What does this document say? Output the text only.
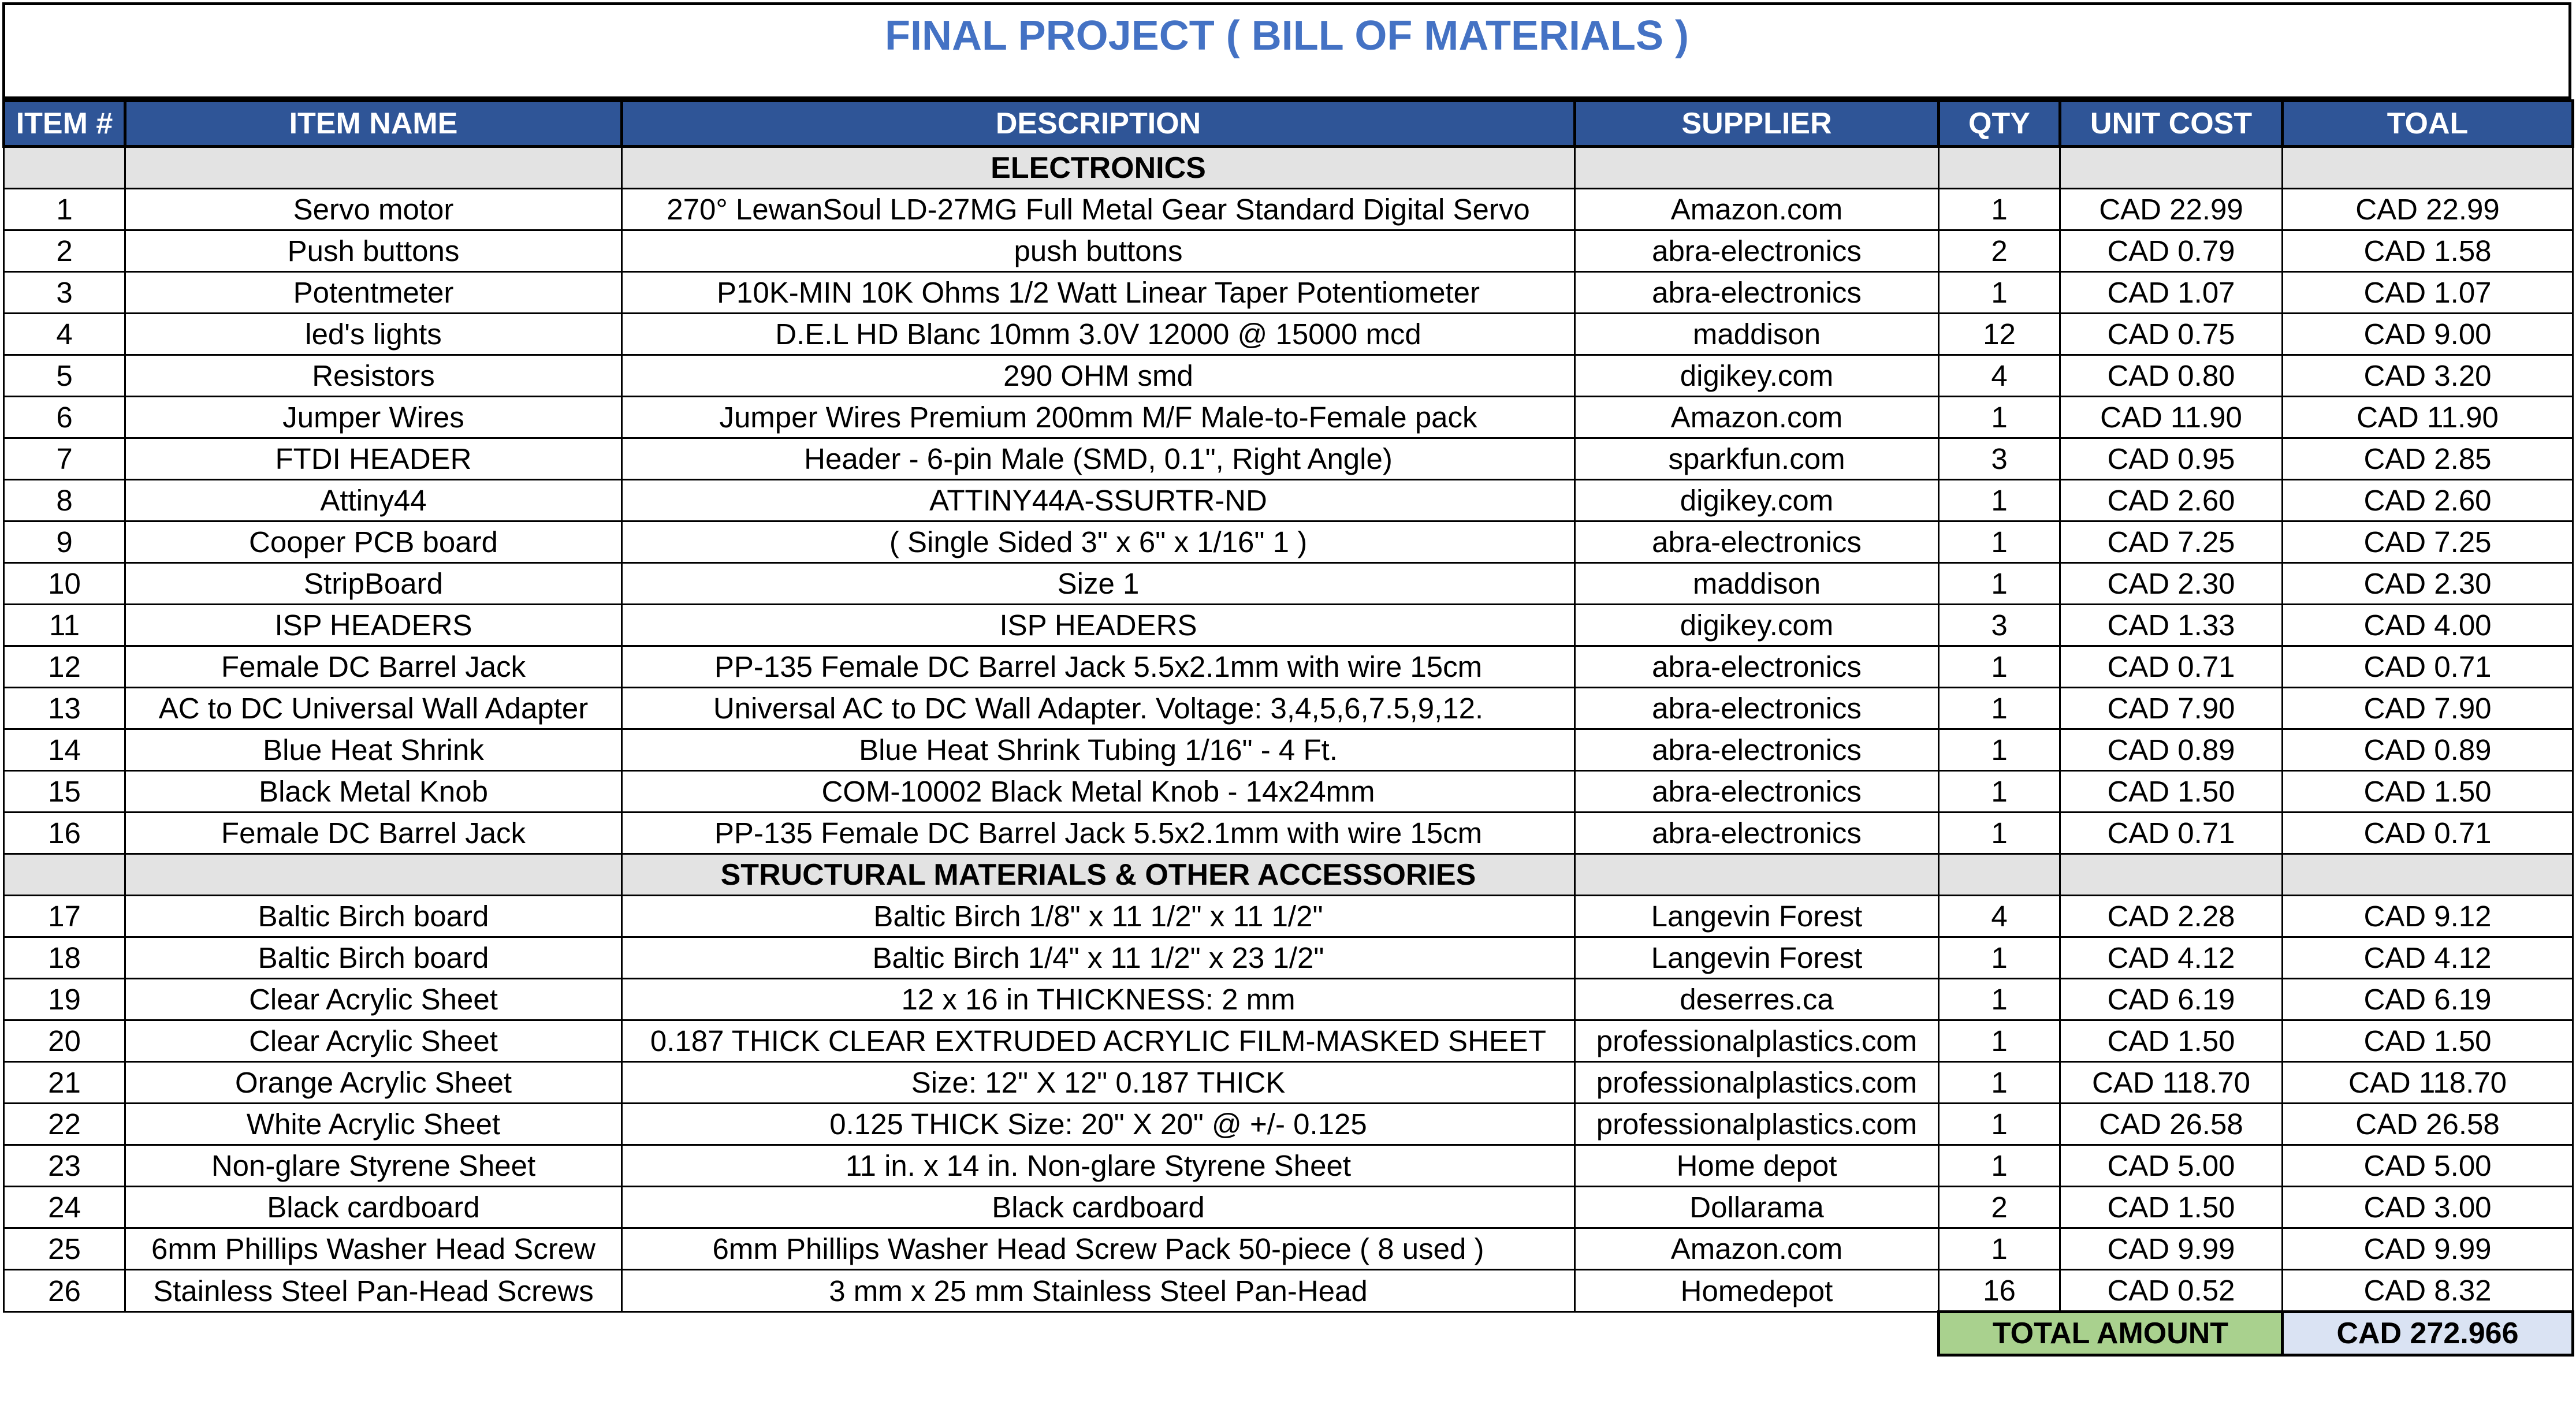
FINAL PROJECT ( BILL OF MATERIALS )
ITEM #	ITEM NAME	DESCRIPTION	SUPPLIER	QTY	UNIT COST	TOAL
		ELECTRONICS				
1	Servo motor	270° LewanSoul LD-27MG Full Metal Gear Standard Digital Servo	Amazon.com	1	CAD 22.99	CAD 22.99
2	Push buttons	push buttons	abra-electronics	2	CAD 0.79	CAD 1.58
3	Potentmeter	P10K-MIN 10K Ohms 1/2 Watt Linear Taper Potentiometer	abra-electronics	1	CAD 1.07	CAD 1.07
4	led's lights	D.E.L HD Blanc 10mm 3.0V 12000 @ 15000 mcd	maddison	12	CAD 0.75	CAD 9.00
5	Resistors	290 OHM smd	digikey.com	4	CAD 0.80	CAD 3.20
6	Jumper Wires	Jumper Wires Premium 200mm M/F Male-to-Female pack	Amazon.com	1	CAD 11.90	CAD 11.90
7	FTDI HEADER	Header - 6-pin Male (SMD, 0.1", Right Angle)	sparkfun.com	3	CAD 0.95	CAD 2.85
8	Attiny44	ATTINY44A-SSURTR-ND	digikey.com	1	CAD 2.60	CAD 2.60
9	Cooper PCB board	( Single Sided 3" x 6" x 1/16" 1 )	abra-electronics	1	CAD 7.25	CAD 7.25
10	StripBoard	Size 1	maddison	1	CAD 2.30	CAD 2.30
11	ISP HEADERS	ISP HEADERS	digikey.com	3	CAD 1.33	CAD 4.00
12	Female DC Barrel Jack	PP-135 Female DC Barrel Jack 5.5x2.1mm with wire 15cm	abra-electronics	1	CAD 0.71	CAD 0.71
13	AC to DC Universal Wall Adapter	Universal AC to DC Wall Adapter. Voltage: 3,4,5,6,7.5,9,12.	abra-electronics	1	CAD 7.90	CAD 7.90
14	Blue Heat Shrink	Blue Heat Shrink Tubing 1/16" - 4 Ft.	abra-electronics	1	CAD 0.89	CAD 0.89
15	Black Metal Knob	COM-10002 Black Metal Knob - 14x24mm	abra-electronics	1	CAD 1.50	CAD 1.50
16	Female DC Barrel Jack	PP-135 Female DC Barrel Jack 5.5x2.1mm with wire 15cm	abra-electronics	1	CAD 0.71	CAD 0.71
		STRUCTURAL MATERIALS & OTHER ACCESSORIES				
17	Baltic Birch board	Baltic Birch 1/8" x 11 1/2" x 11 1/2"	Langevin Forest	4	CAD 2.28	CAD 9.12
18	Baltic Birch board	Baltic Birch 1/4" x 11 1/2" x 23 1/2"	Langevin Forest	1	CAD 4.12	CAD 4.12
19	Clear Acrylic Sheet	12 x 16 in THICKNESS: 2 mm	deserres.ca	1	CAD 6.19	CAD 6.19
20	Clear Acrylic Sheet	0.187 THICK CLEAR EXTRUDED ACRYLIC FILM-MASKED SHEET	professionalplastics.com	1	CAD 1.50	CAD 1.50
21	Orange Acrylic Sheet	Size: 12" X 12" 0.187 THICK	professionalplastics.com	1	CAD 118.70	CAD 118.70
22	White Acrylic Sheet	0.125 THICK Size: 20" X 20" @ +/- 0.125	professionalplastics.com	1	CAD 26.58	CAD 26.58
23	Non-glare Styrene Sheet	11 in. x 14 in. Non-glare Styrene Sheet	Home depot	1	CAD 5.00	CAD 5.00
24	Black cardboard	Black cardboard	Dollarama	2	CAD 1.50	CAD 3.00
25	6mm Phillips Washer Head Screw	6mm Phillips Washer Head Screw Pack 50-piece ( 8 used )	Amazon.com	1	CAD 9.99	CAD 9.99
26	Stainless Steel Pan-Head Screws	3 mm x 25 mm Stainless Steel Pan-Head	Homedepot	16	CAD 0.52	CAD 8.32
				TOTAL AMOUNT		CAD 272.966
